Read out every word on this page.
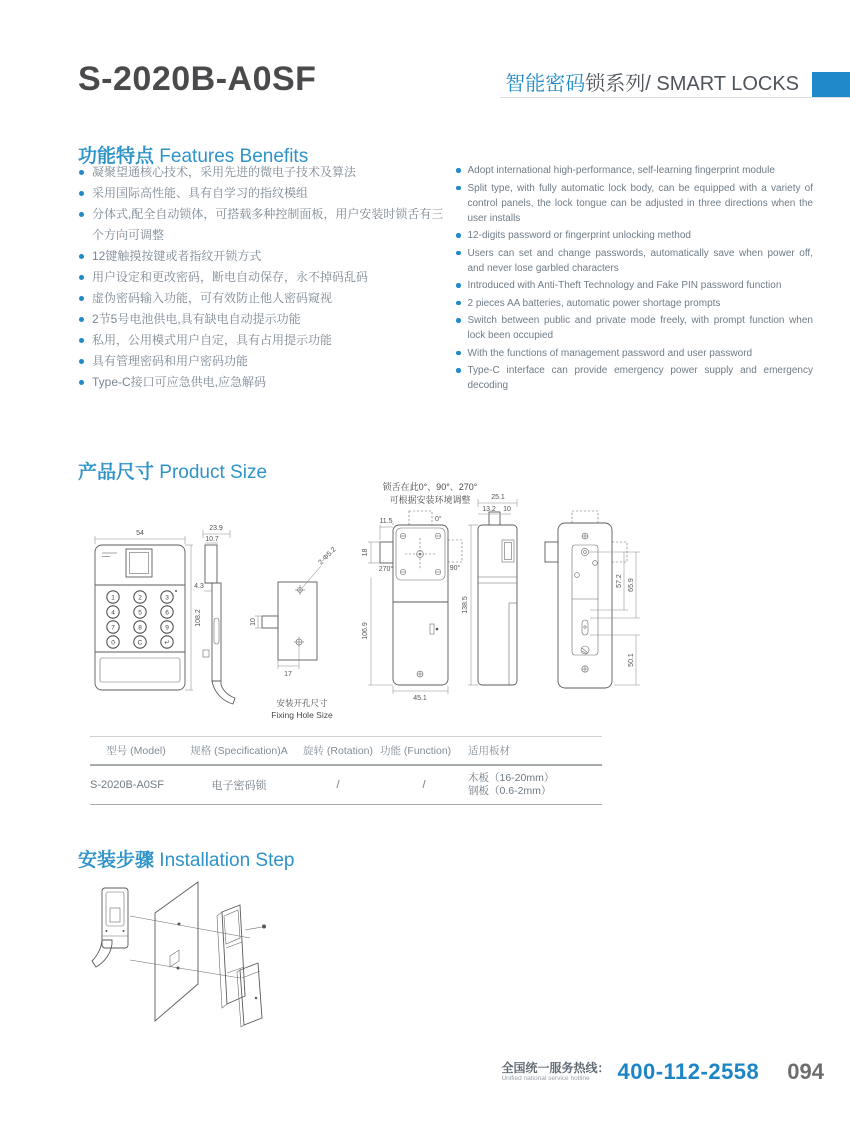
S-2020B-A0SF	智能密码锁系列/ SMART LOCKS
功能特点 Features Benefits
凝聚望通核心技术，采用先进的微电子技术及算法
采用国际高性能、具有自学习的指纹模组
分体式,配全自动锁体，可搭载多种控制面板，用户安装时锁舌有三个方向可调整
12键触摸按键或者指纹开锁方式
用户设定和更改密码，断电自动保存，永不掉码乱码
虚伪密码输入功能，可有效防止他人密码窥视
2节5号电池供电,具有缺电自动提示功能
私用，公用模式用户自定，具有占用提示功能
具有管理密码和用户密码功能
Type-C接口可应急供电,应急解码
Adopt international high-performance, self-learning fingerprint module
Split type, with fully automatic lock body, can be equipped with a variety of control panels, the lock tongue can be adjusted in three directions when the user installs
12-digits password or fingerprint unlocking method
Users can set and change passwords, automatically save when power off, and never lose garbled characters
Introduced with Anti-Theft Technology and Fake PIN password function
2 pieces AA batteries, automatic power shortage prompts
Switch between public and private mode freely, with prompt function when lock been occupied
With the functions of management password and user password
Type-C interface can provide emergency power supply and emergency decoding
产品尺寸 Product Size
54
108.2
1	2	3
4	5	6
7	8	9
0	C	↵
23.9
10.7
4.3
10
2-Φ5.2
17
安装开孔尺寸
Fixing Hole Size
锁舌在此0°、90°、270°
可根据安装环境调整
11.5
18
270°
0°
90°
106.9
45.1
138.5
25.1
13.2 10
57.2 65.9
50.1
型号 (Model)	规格 (Specification)A	旋转 (Rotation) 功能 (Function)	适用板材
S-2020B-A0SF	电子密码锁	/	/
木板（16-20mm）
钢板（0.6-2mm）
安装步骤 Installation Step
全国统一服务热线：
Unified national service hotline	400-112-2558 094
